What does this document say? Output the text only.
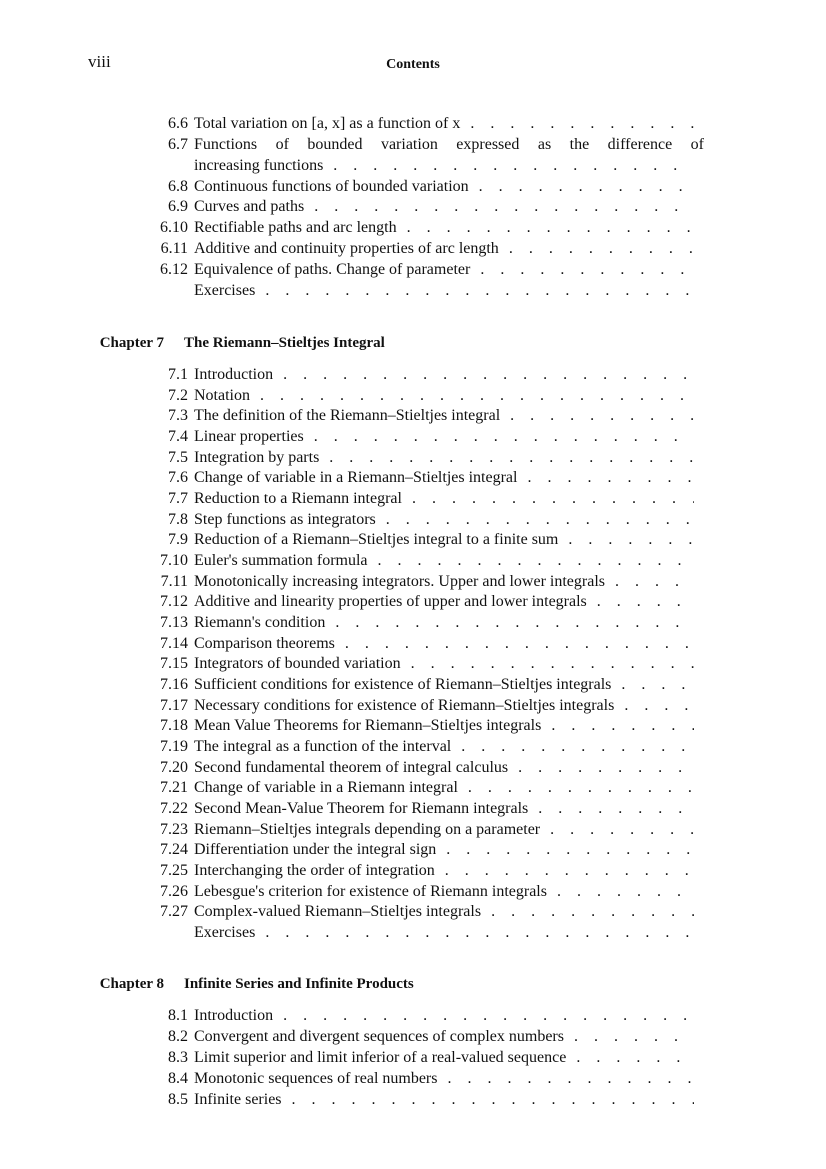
viii	Contents
6.6 Total variation on [a, x] as a function of x . . .
6.7 Functions of bounded variation expressed as the difference of
increasing functions . . .
6.8 Continuous functions of bounded variation . . .
6.9 Curves and paths . . .
6.10 Rectifiable paths and arc length . . .
6.11 Additive and continuity properties of arc length . . .
6.12 Equivalence of paths. Change of parameter . . .
Exercises . . .
Chapter 7 The Riemann–Stieltjes Integral
7.1 Introduction . . .
7.2 Notation . . .
7.3 The definition of the Riemann–Stieltjes integral . . .
7.4 Linear properties . . .
7.5 Integration by parts . . .
7.6 Change of variable in a Riemann–Stieltjes integral . . .
7.7 Reduction to a Riemann integral . . .
7.8 Step functions as integrators . . .
7.9 Reduction of a Riemann–Stieltjes integral to a finite sum . . .
7.10 Euler's summation formula . . .
7.11 Monotonically increasing integrators. Upper and lower integrals . . .
7.12 Additive and linearity properties of upper and lower integrals . . .
7.13 Riemann's condition . . .
7.14 Comparison theorems . . .
7.15 Integrators of bounded variation . . .
7.16 Sufficient conditions for existence of Riemann–Stieltjes integrals . . .
7.17 Necessary conditions for existence of Riemann–Stieltjes integrals . . .
7.18 Mean Value Theorems for Riemann–Stieltjes integrals . . .
7.19 The integral as a function of the interval . . .
7.20 Second fundamental theorem of integral calculus . . .
7.21 Change of variable in a Riemann integral . . .
7.22 Second Mean-Value Theorem for Riemann integrals . . .
7.23 Riemann–Stieltjes integrals depending on a parameter . . .
7.24 Differentiation under the integral sign . . .
7.25 Interchanging the order of integration . . .
7.26 Lebesgue's criterion for existence of Riemann integrals . . .
7.27 Complex-valued Riemann–Stieltjes integrals . . .
Exercises . . .
Chapter 8 Infinite Series and Infinite Products
8.1 Introduction . . .
8.2 Convergent and divergent sequences of complex numbers . . .
8.3 Limit superior and limit inferior of a real-valued sequence . . .
8.4 Monotonic sequences of real numbers . . .
8.5 Infinite series . . .
